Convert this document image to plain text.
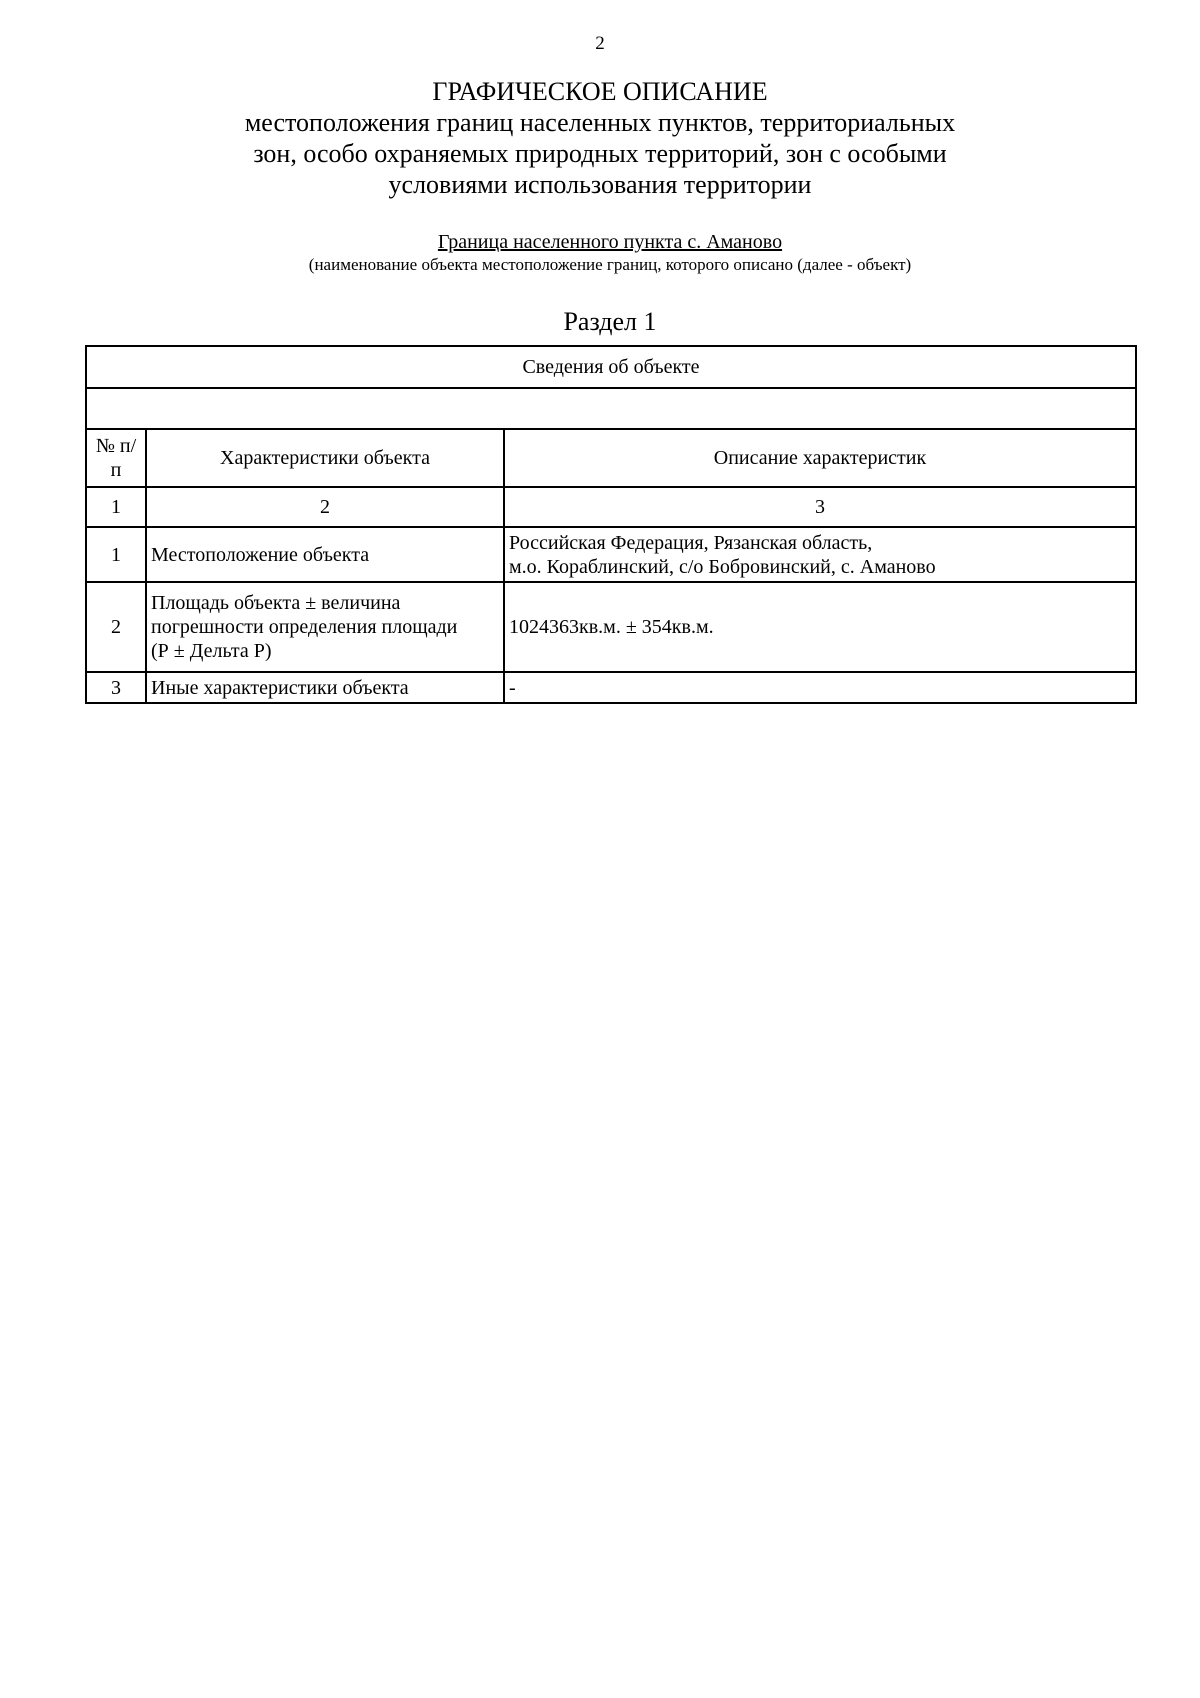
2
ГРАФИЧЕСКОЕ ОПИСАНИЕ
местоположения границ населенных пунктов, территориальных
зон, особо охраняемых природных территорий, зон с особыми
условиями использования территории
Граница населенного пункта с. Аманово
(наименование объекта местоположение границ, которого описано (далее - объект)
Раздел 1
Сведения об объекте		

№ п/п	Характеристики объекта	Описание характеристик
1	2	3
1	Местоположение объекта	Российская Федерация, Рязанская область,
м.о. Кораблинский, с/о Бобровинский, с. Аманово

2	Площадь объекта ± величина
погрешности определения площади
(Р ± Дельта Р)	1024363кв.м. ± 354кв.м.
3	Иные характеристики объекта	-
